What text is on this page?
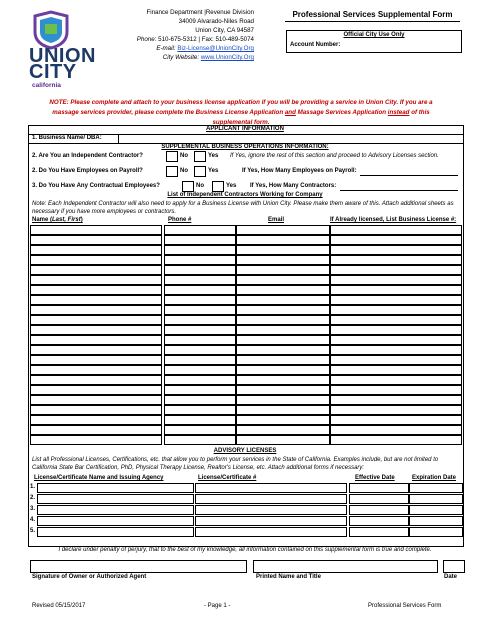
UNION
CITY
california
Finance Department |Revenue Division
34009 Alvarado-Niles Road
Union City, CA 94587
Phone: 510-675-5312 | Fax: 510-489-5074
E-mail: Biz-License@UnionCity.Org
City Website: www.UnionCity.Org
Professional Services Supplemental Form
Official City Use Only
Account Number:
NOTE: Please complete and attach to your business license application if you will be providing a service in Union City. If you are a massage services provider, please complete the Business License Application and Massage Services Application instead of this supplemental form.
APPLICANT INFORMATION
1. Business Name/ DBA:
SUPPLEMENTAL BUSINESS OPERATIONS INFORMATION:
2. Are You an Independent Contractor?	No	Yes If Yes, ignore the rest of this section and proceed to Advisory Licenses section.
2. Do You Have Employees on Payroll?	No	Yes	If Yes, How Many Employees on Payroll:
3. Do You Have Any Contractual Employees?	No	Yes If Yes, How Many Contractors:
List of Independent Contractors Working for Company
Note: Each Independent Contractor will also need to apply for a Business License with Union City. Please make them aware of this. Attach additional sheets as necessary if you have more employees or contractors.
Name (Last, First)	Phone #	Email	If Already licensed, List Business License #:
ADVISORY LICENSES
List all Professional Licenses, Certifications, etc. that allow you to perform your services in the State of California. Examples include, but are not limited to California State Bar Certification, PhD, Physical Therapy License, Realtor's License, etc. Attach additional forms if necessary:
License/Certificate Name and Issuing Agency	License/Certificate #	Effective Date	Expiration Date
1.
2.
3.
4.
5.
I declare under penalty of perjury, that to the best of my knowledge, all information contained on this supplemental form is true and complete.
Signature of Owner or Authorized Agent	Printed Name and Title	Date
Revised 05/15/2017	- Page 1 -	Professional Services Form
